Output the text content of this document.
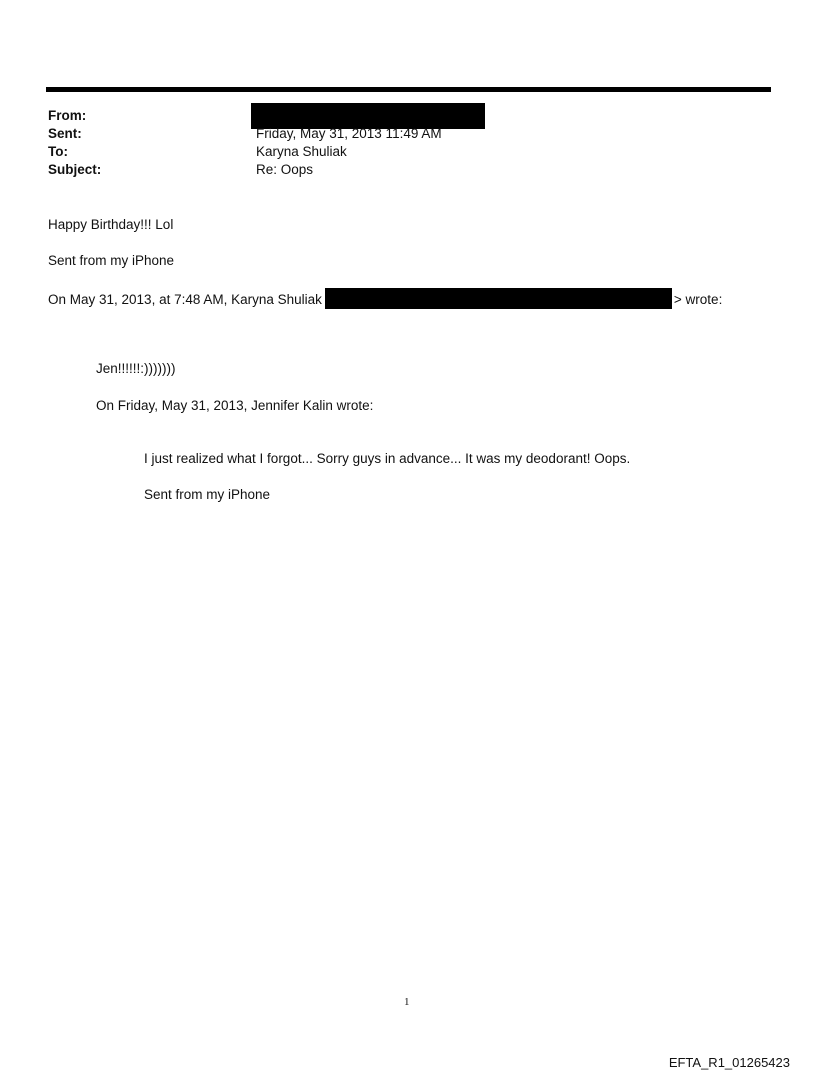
From:
Sent:	Friday, May 31, 2013 11:49 AM
To:	Karyna Shuliak
Subject:	Re: Oops
Happy Birthday!!! Lol
Sent from my iPhone
On May 31, 2013, at 7:48 AM, Karyna Shuliak	> wrote:
Jen!!!!!!:)))))))
On Friday, May 31, 2013, Jennifer Kalin wrote:
I just realized what I forgot... Sorry guys in advance... It was my deodorant! Oops.
Sent from my iPhone
1
EFTA_R1_01265423
